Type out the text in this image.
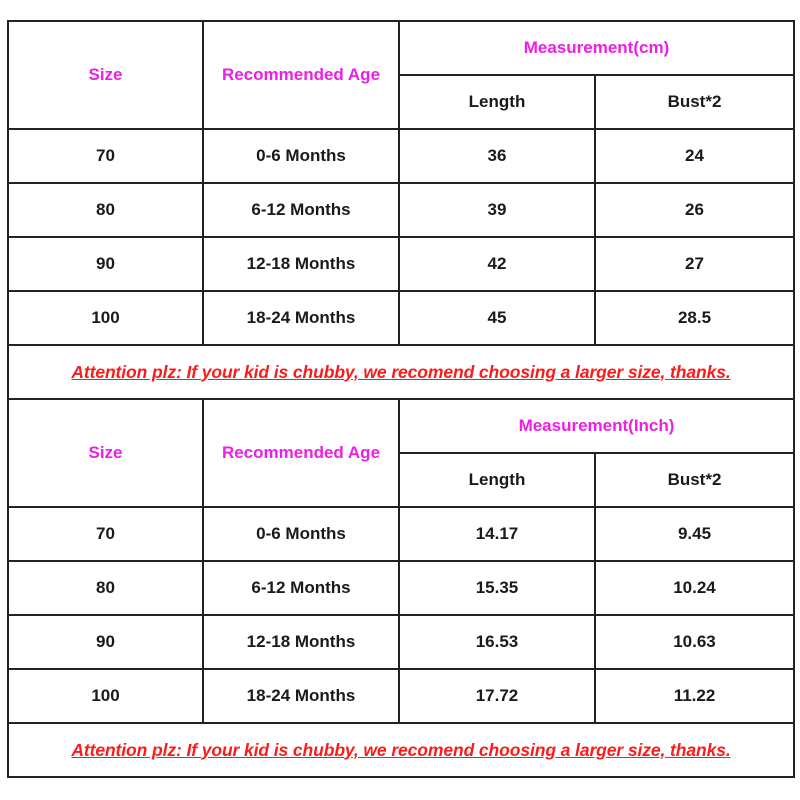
Size	Recommended Age	Measurement(cm)	
		Length	Bust*2
70	0-6 Months	36	24
80	6-12 Months	39	26
90	12-18 Months	42	27
100	18-24 Months	45	28.5
Attention plz: If your kid is chubby, we recomend choosing a larger size, thanks.			
Size	Recommended Age	Measurement(Inch)	
		Length	Bust*2
70	0-6 Months	14.17	9.45
80	6-12 Months	15.35	10.24
90	12-18 Months	16.53	10.63
100	18-24 Months	17.72	11.22
Attention plz: If your kid is chubby, we recomend choosing a larger size, thanks.			
